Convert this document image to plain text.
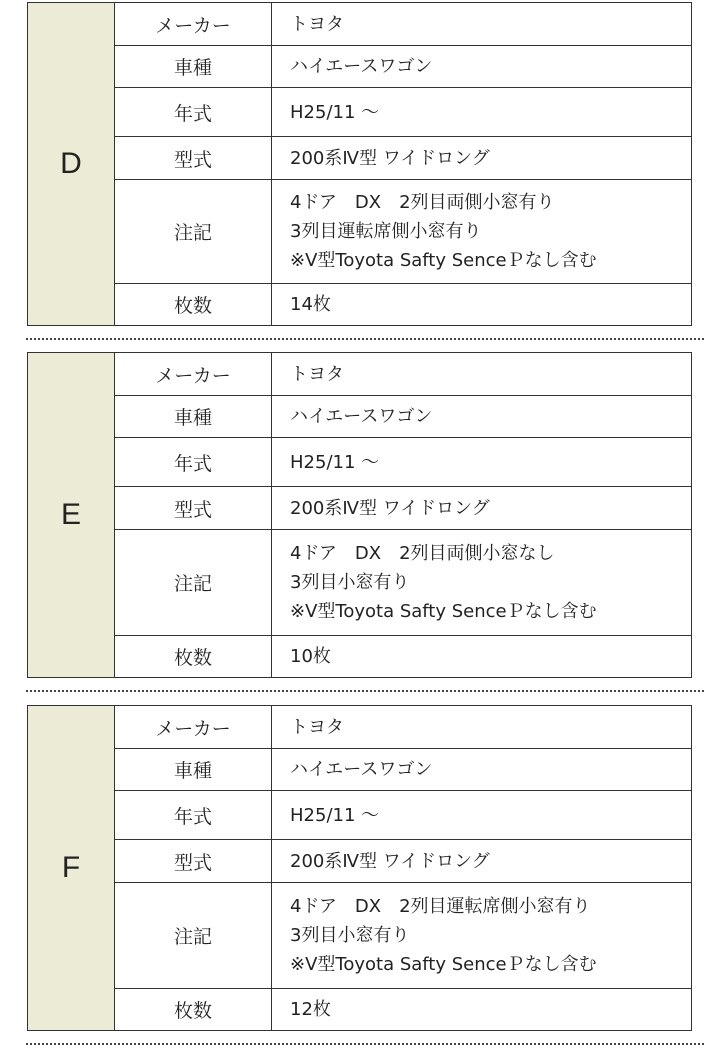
D
メーカー	トヨタ
車種	ハイエースワゴン
年式	H25/11 ～
型式	200系Ⅳ型 ワイドロング
注記
4ドア　DX　2列目両側小窓有り
3列目運転席側小窓有り
※Ⅴ型Toyota Safty SenceＰなし含む
枚数	14枚
E
メーカー	トヨタ
車種	ハイエースワゴン
年式	H25/11 ～
型式	200系Ⅳ型 ワイドロング
注記
4ドア　DX　2列目両側小窓なし
3列目小窓有り
※Ⅴ型Toyota Safty SenceＰなし含む
枚数	10枚
F
メーカー	トヨタ
車種	ハイエースワゴン
年式	H25/11 ～
型式	200系Ⅳ型 ワイドロング
注記
4ドア　DX　2列目運転席側小窓有り
3列目小窓有り
※Ⅴ型Toyota Safty SenceＰなし含む
枚数	12枚
